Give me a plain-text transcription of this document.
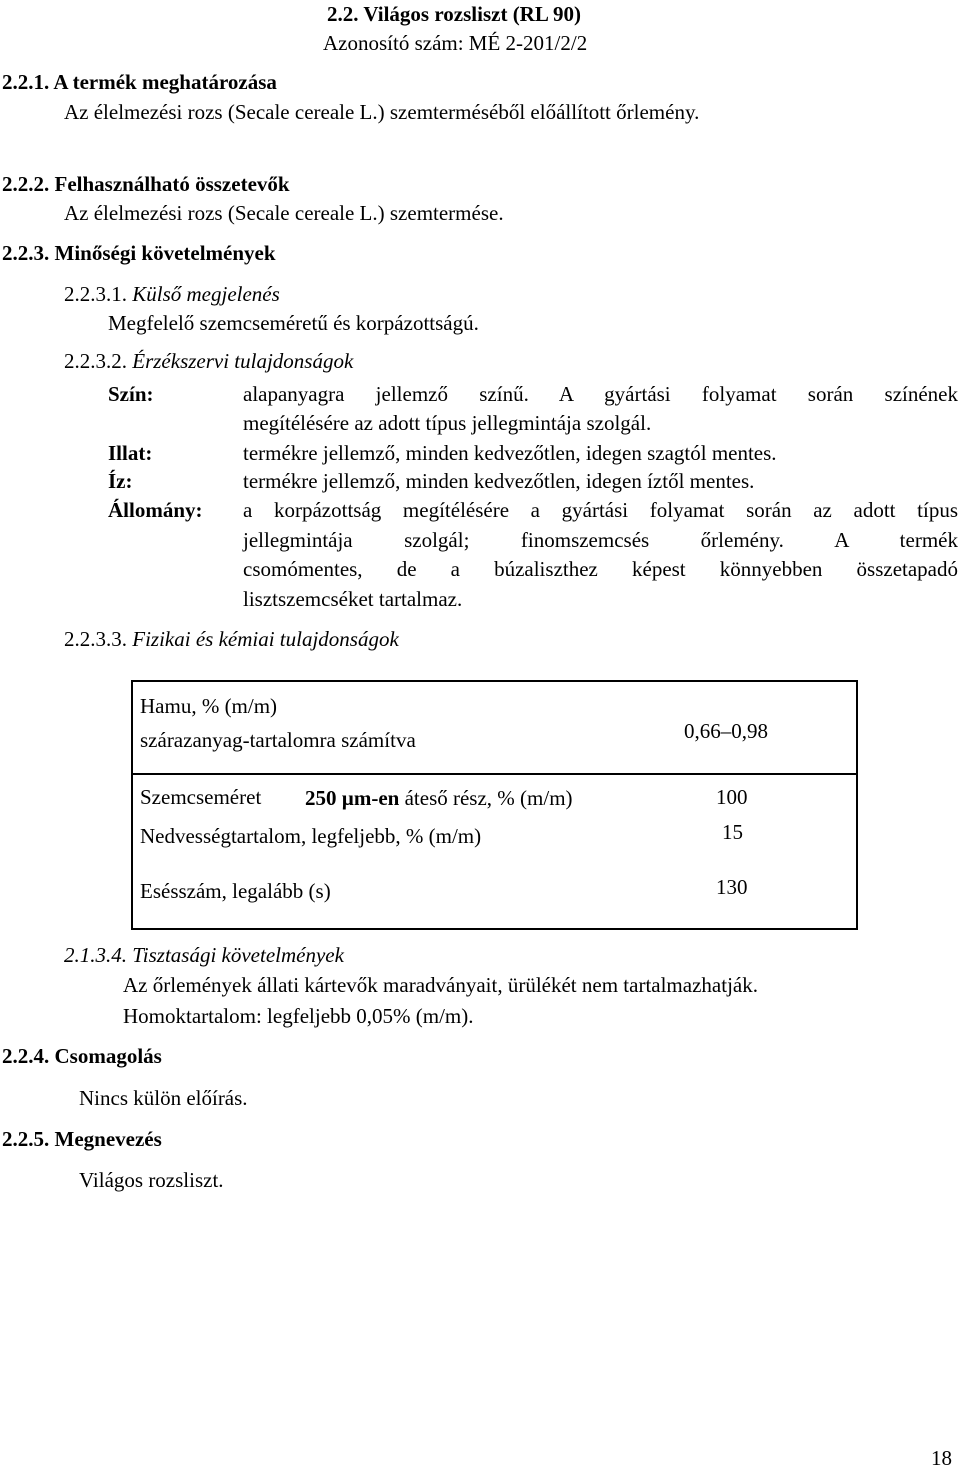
2.2. Világos rozsliszt (RL 90)
Azonosító szám: MÉ 2-201/2/2
2.2.1. A termék meghatározása
Az élelmezési rozs (Secale cereale L.) szemterméséből előállított őrlemény.
2.2.2. Felhasználható összetevők
Az élelmezési rozs (Secale cereale L.) szemtermése.
2.2.3. Minőségi követelmények
2.2.3.1. Külső megjelenés
Megfelelő szemcseméretű és korpázottságú.
2.2.3.2. Érzékszervi tulajdonságok
Szín:	alapanyagra jellemző színű. A gyártási folyamat során színének
megítélésére az adott típus jellegmintája szolgál.
Illat:	termékre jellemző, minden kedvezőtlen, idegen szagtól mentes.
Íz:	termékre jellemző, minden kedvezőtlen, idegen íztől mentes.
Állomány: a korpázottság megítélésére a gyártási folyamat során az adott típus
jellegmintája szolgál; finomszemcsés őrlemény. A termék
csomómentes, de a búzaliszthez képest könnyebben összetapadó
lisztszemcséket tartalmaz.
2.2.3.3. Fizikai és kémiai tulajdonságok
Hamu, % (m/m)
szárazanyag-tartalomra számítva	0,66–0,98
Szemcseméret 250 µm-en áteső rész, % (m/m)	100
Nedvességtartalom, legfeljebb, % (m/m)	15
Esésszám, legalább (s)	130
2.1.3.4. Tisztasági követelmények
Az őrlemények állati kártevők maradványait, ürülékét nem tartalmazhatják.
Homoktartalom: legfeljebb 0,05% (m/m).
2.2.4. Csomagolás
Nincs külön előírás.
2.2.5. Megnevezés
Világos rozsliszt.
18
